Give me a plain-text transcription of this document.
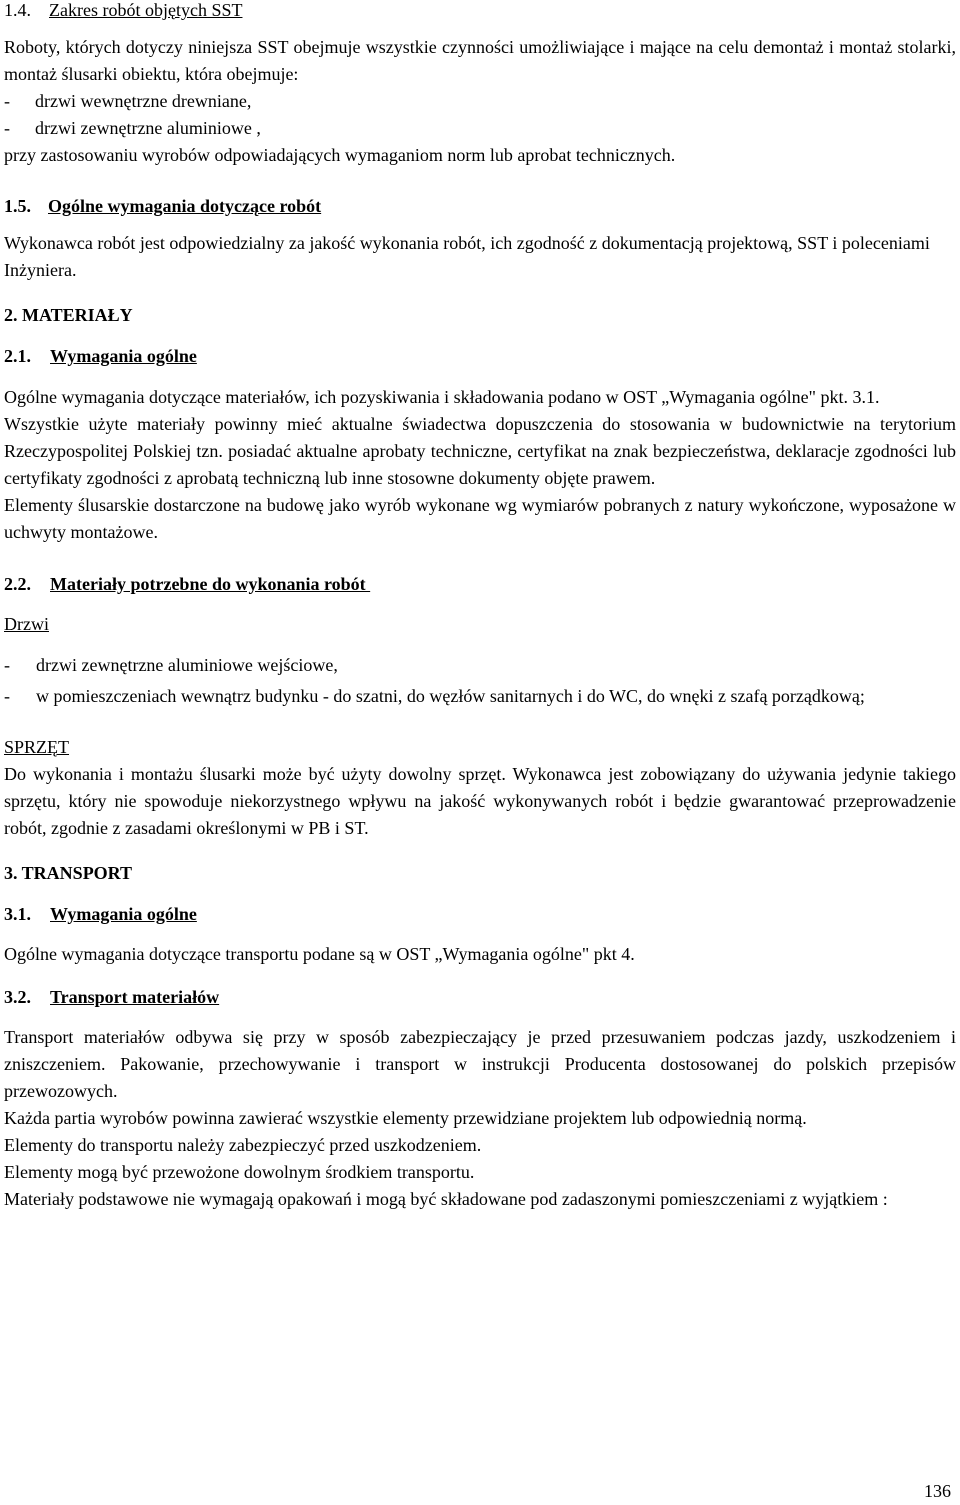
1.4.	Zakres robót objętych SST

Roboty, których dotyczy niniejsza SST obejmuje wszystkie czynności umożliwiające i mające na celu demontaż i montaż stolarki, montaż ślusarki obiektu, która obejmuje:

-	drzwi wewnętrzne drewniane,
-	drzwi zewnętrzne aluminiowe ,

przy zastosowaniu wyrobów odpowiadających wymaganiom norm lub aprobat technicznych.

1.5. Ogólne wymagania dotyczące robót

Wykonawca robót jest odpowiedzialny za jakość wykonania robót, ich zgodność z dokumentacją projektową, SST i poleceniami Inżyniera.

2. MATERIAŁY
2.1.	Wymagania ogólne

Ogólne wymagania dotyczące materiałów, ich pozyskiwania i składowania podano w OST „Wymagania ogólne" pkt. 3.1.

Wszystkie użyte materiały powinny mieć aktualne świadectwa dopuszczenia do stosowania w budownictwie na terytorium Rzeczypospolitej Polskiej tzn. posiadać aktualne aprobaty techniczne, certyfikat na znak bezpieczeństwa, deklaracje zgodności lub certyfikaty zgodności z aprobatą techniczną lub inne stosowne dokumenty objęte prawem.

Elementy ślusarskie dostarczone na budowę jako wyrób wykonane wg wymiarów pobranych z natury wykończone, wyposażone w uchwyty montażowe.

2.2.	Materiały potrzebne do wykonania robót
Drzwi
-	drzwi zewnętrzne aluminiowe wejściowe,
-	w pomieszczeniach wewnątrz budynku - do szatni, do węzłów sanitarnych i do WC, do wnęki z szafą porządkową;
SPRZĘT

Do wykonania i montażu ślusarki może być użyty dowolny sprzęt. Wykonawca jest zobowiązany do używania jedynie takiego sprzętu, który nie spowoduje niekorzystnego wpływu na jakość wykonywanych robót i będzie gwarantować przeprowadzenie robót, zgodnie z zasadami określonymi w PB i ST.

3. TRANSPORT
3.1.	Wymagania ogólne

Ogólne wymagania dotyczące transportu podane są w OST „Wymagania ogólne" pkt 4.

3.2.	Transport materiałów

Transport materiałów odbywa się przy w sposób zabezpieczający je przed przesuwaniem podczas jazdy, uszkodzeniem i zniszczeniem. Pakowanie, przechowywanie i transport w instrukcji Producenta dostosowanej do polskich przepisów przewozowych.

Każda partia wyrobów powinna zawierać wszystkie elementy przewidziane projektem lub odpowiednią normą.

Elementy do transportu należy zabezpieczyć przed uszkodzeniem.

Elementy mogą być przewożone dowolnym środkiem transportu.

Materiały podstawowe nie wymagają opakowań i mogą być składowane pod zadaszonymi pomieszczeniami z wyjątkiem :

136
